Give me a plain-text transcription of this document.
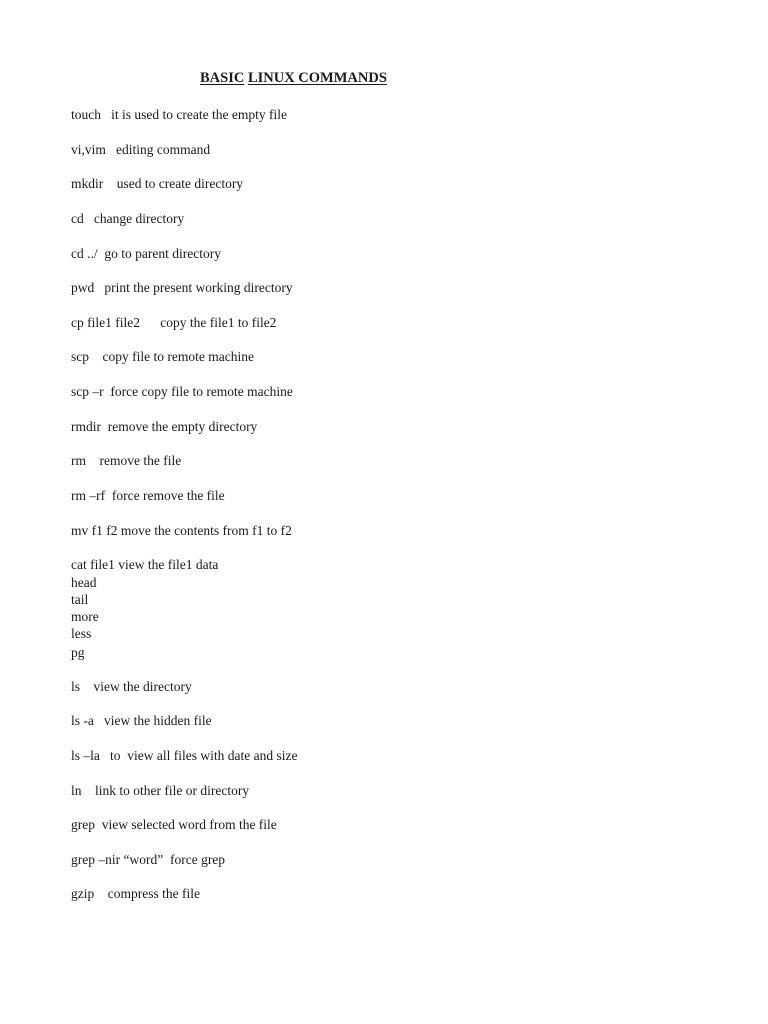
BASIC LINUX COMMANDS

touch   it is used to create the empty file

vi,vim   editing command

mkdir    used to create directory

cd   change directory

cd ../  go to parent directory

pwd   print the present working directory

cp file1 file2      copy the file1 to file2

scp    copy file to remote machine

scp –r  force copy file to remote machine

rmdir  remove the empty directory

rm    remove the file

rm –rf  force remove the file

mv f1 f2 move the contents from f1 to f2

cat file1 view the file1 data

head

tail

more

less

pg

ls    view the directory

ls -a   view the hidden file

ls –la   to  view all files with date and size

ln    link to other file or directory

grep  view selected word from the file

grep –nir “word”  force grep

gzip    compress the file
